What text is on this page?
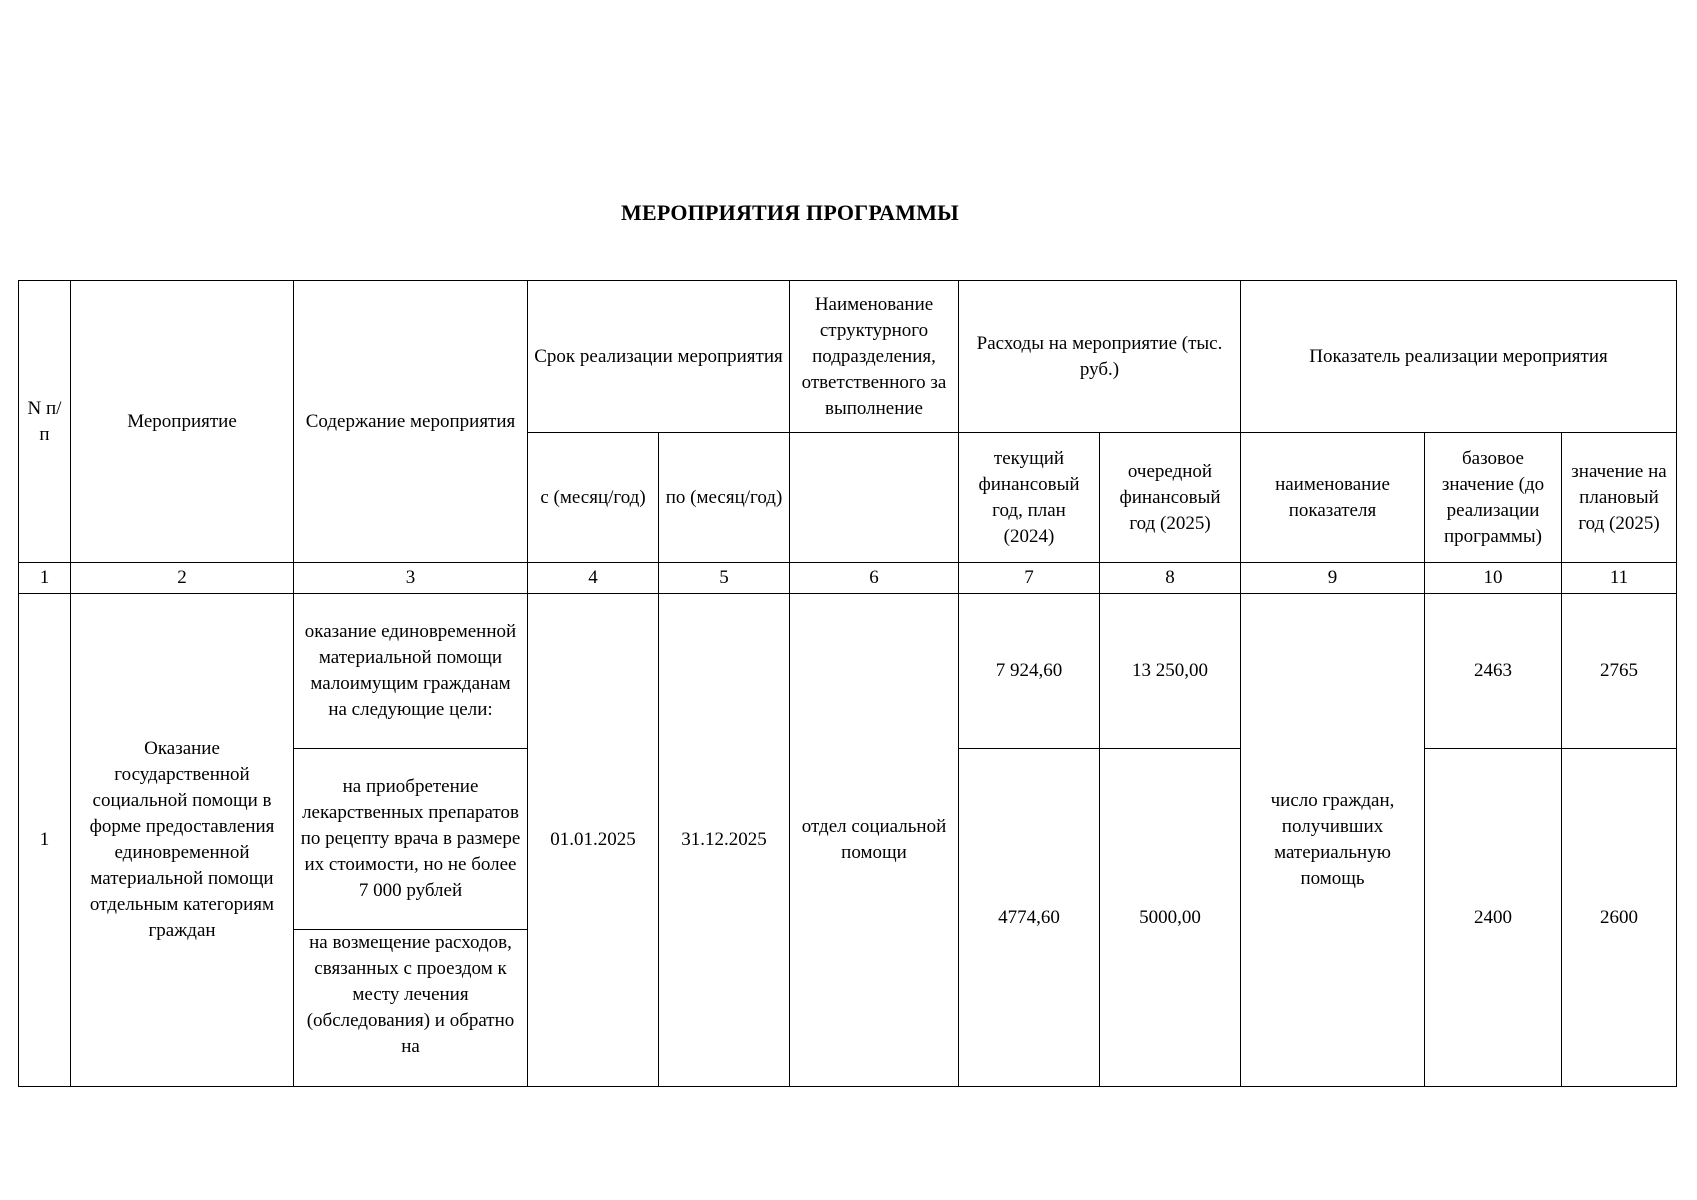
МЕРОПРИЯТИЯ ПРОГРАММЫ
N п/п	Мероприятие	Содержание мероприятия	Срок реализации мероприятия		Наименование структурного подразделения, ответственного за выполнение	Расходы на мероприятие (тыс. руб.)		Показатель реализации мероприятия		
			с (месяц/год)	по (месяц/год)		текущий финансовый год, план (2024)	очередной финансовый год (2025)	наименование показателя	базовое значение (до реализации программы)	значение на плановый год (2025)
1	2	3	4	5	6	7	8	9	10	11
1	Оказание государственной социальной помощи в форме предоставления единовременной материальной помощи отдельным категориям граждан	оказание единовременной материальной помощи малоимущим гражданам на следующие цели:	01.01.2025	31.12.2025	отдел социальной помощи	7 924,60	13 250,00	число граждан, получивших материальную помощь	2463	2765
		на приобретение лекарственных препаратов по рецепту врача в размере их стоимости, но не более 7 000 рублей				4774,60	5000,00		2400	2600

		на возмещение расходов, связанных с проездом к месту лечения (обследования) и обратно на								
